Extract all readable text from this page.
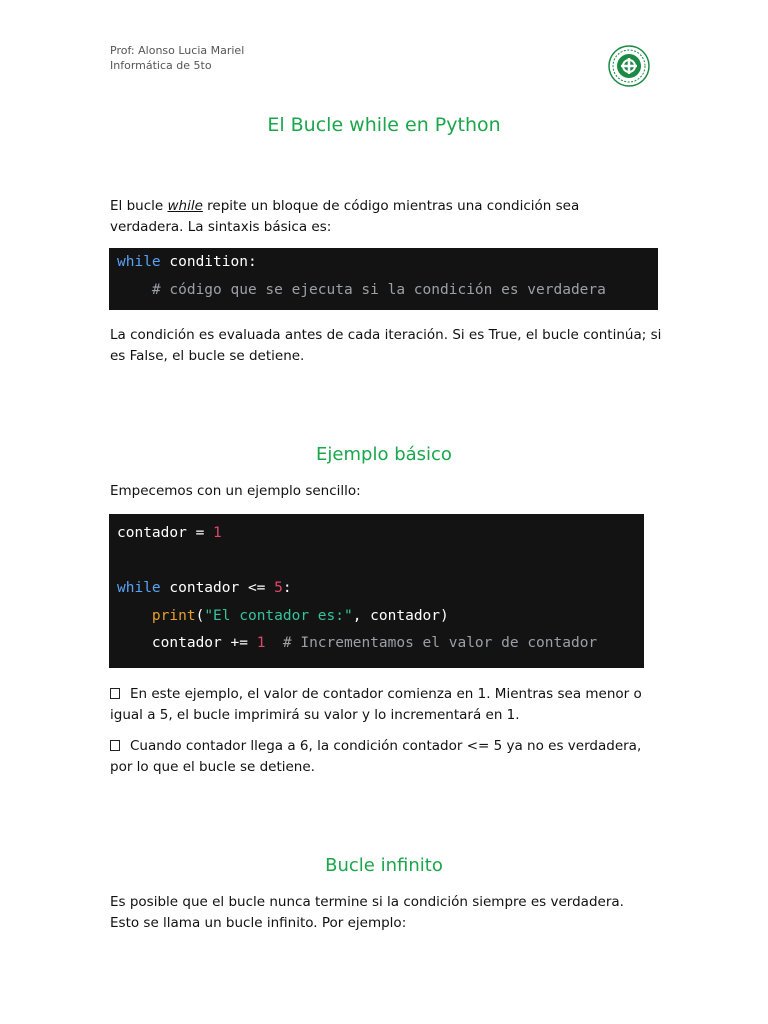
Prof: Alonso Lucia Mariel
Informática de 5to
El Bucle while en Python
El bucle while repite un bloque de código mientras una condición sea verdadera. La sintaxis básica es:
while condition:
# código que se ejecuta si la condición es verdadera
La condición es evaluada antes de cada iteración. Si es True, el bucle continúa; si es False, el bucle se detiene.
Ejemplo básico
Empecemos con un ejemplo sencillo:
contador = 1
while contador <= 5:
print("El contador es:", contador)
contador += 1  # Incrementamos el valor de contador
En este ejemplo, el valor de contador comienza en 1. Mientras sea menor o igual a 5, el bucle imprimirá su valor y lo incrementará en 1.
Cuando contador llega a 6, la condición contador <= 5 ya no es verdadera, por lo que el bucle se detiene.
Bucle infinito
Es posible que el bucle nunca termine si la condición siempre es verdadera. Esto se llama un bucle infinito. Por ejemplo:
